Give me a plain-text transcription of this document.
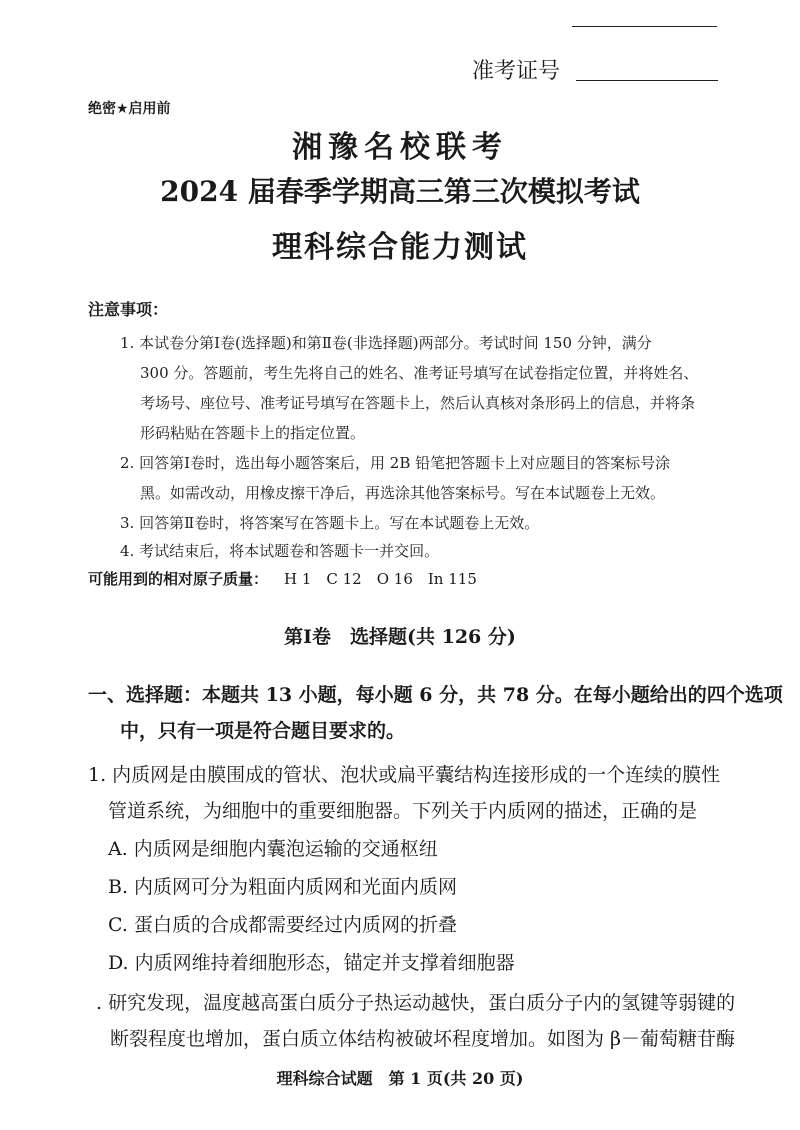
准考证号
绝密★启用前
湘豫名校联考
2024 届春季学期高三第三次模拟考试
理科综合能力测试
注意事项：
1. 本试卷分第Ⅰ卷(选择题)和第Ⅱ卷(非选择题)两部分。考试时间 150 分钟，满分
300 分。答题前，考生先将自己的姓名、准考证号填写在试卷指定位置，并将姓名、
考场号、座位号、准考证号填写在答题卡上，然后认真核对条形码上的信息，并将条
形码粘贴在答题卡上的指定位置。
2. 回答第Ⅰ卷时，选出每小题答案后，用 2B 铅笔把答题卡上对应题目的答案标号涂
黑。如需改动，用橡皮擦干净后，再选涂其他答案标号。写在本试题卷上无效。
3. 回答第Ⅱ卷时，将答案写在答题卡上。写在本试题卷上无效。
4. 考试结束后，将本试题卷和答题卡一并交回。
可能用到的相对原子质量： H 1　C 12　O 16　In 115
第Ⅰ卷　选择题(共 126 分)
一、选择题：本题共 13 小题，每小题 6 分，共 78 分。在每小题给出的四个选项
中，只有一项是符合题目要求的。
1. 内质网是由膜围成的管状、泡状或扁平囊结构连接形成的一个连续的膜性
管道系统，为细胞中的重要细胞器。下列关于内质网的描述，正确的是
A. 内质网是细胞内囊泡运输的交通枢纽
B. 内质网可分为粗面内质网和光面内质网
C. 蛋白质的合成都需要经过内质网的折叠
D. 内质网维持着细胞形态，锚定并支撑着细胞器
. 研究发现，温度越高蛋白质分子热运动越快，蛋白质分子内的氢键等弱键的
断裂程度也增加，蛋白质立体结构被破坏程度增加。如图为 β－葡萄糖苷酶
理科综合试题　第 1 页(共 20 页)
